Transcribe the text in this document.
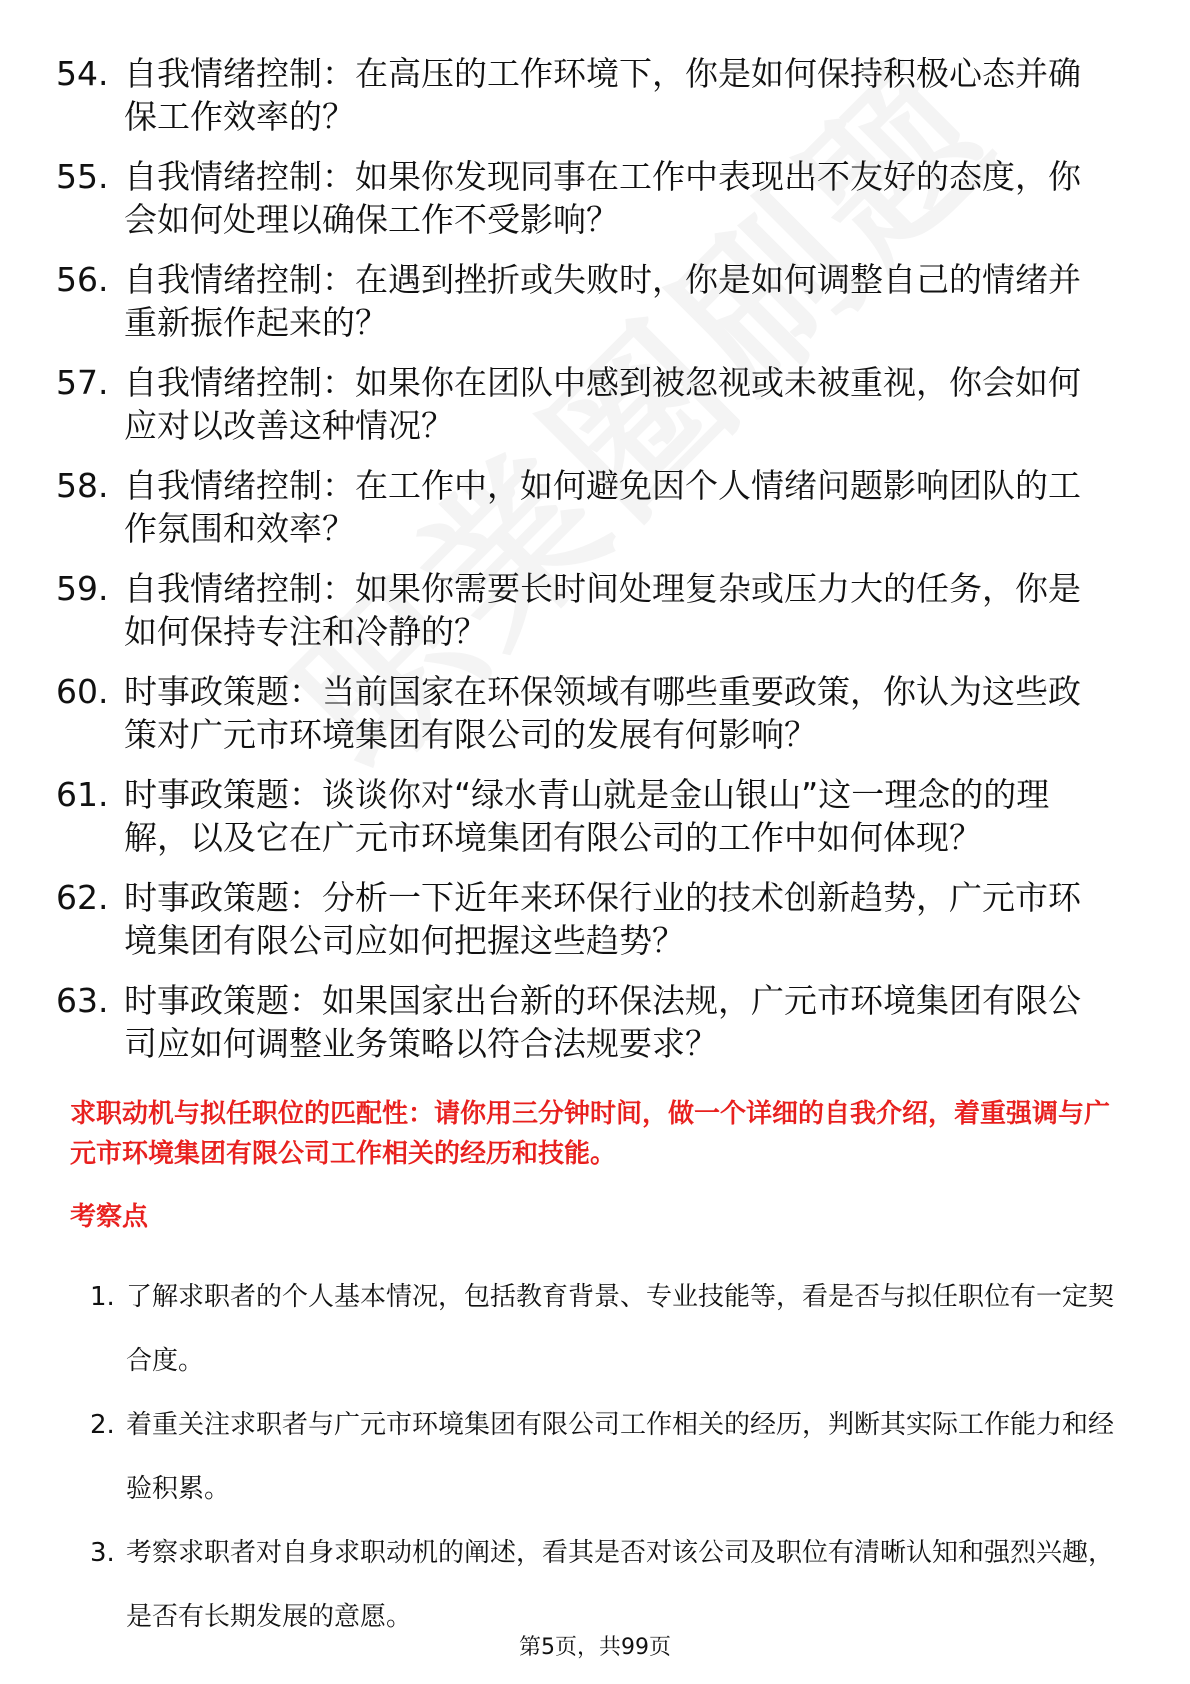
54. 自我情绪控制：在高压的工作环境下，你是如何保持积极心态并确保工作效率的？
55. 自我情绪控制：如果你发现同事在工作中表现出不友好的态度，你会如何处理以确保工作不受影响？
56. 自我情绪控制：在遇到挫折或失败时，你是如何调整自己的情绪并重新振作起来的？
57. 自我情绪控制：如果你在团队中感到被忽视或未被重视，你会如何应对以改善这种情况？
58. 自我情绪控制：在工作中，如何避免因个人情绪问题影响团队的工作氛围和效率？
59. 自我情绪控制：如果你需要长时间处理复杂或压力大的任务，你是如何保持专注和冷静的？
60. 时事政策题：当前国家在环保领域有哪些重要政策，你认为这些政策对广元市环境集团有限公司的发展有何影响？
61. 时事政策题：谈谈你对“绿水青山就是金山银山”这一理念的的理解，以及它在广元市环境集团有限公司的工作中如何体现？
62. 时事政策题：分析一下近年来环保行业的技术创新趋势，广元市环境集团有限公司应如何把握这些趋势？
63. 时事政策题：如果国家出台新的环保法规，广元市环境集团有限公司应如何调整业务策略以符合法规要求？
求职动机与拟任职位的匹配性：请你用三分钟时间，做一个详细的自我介绍，着重强调与广元市环境集团有限公司工作相关的经历和技能。
考察点
1. 了解求职者的个人基本情况，包括教育背景、专业技能等，看是否与拟任职位有一定契合度。
2. 着重关注求职者与广元市环境集团有限公司工作相关的经历，判断其实际工作能力和经验积累。
3. 考察求职者对自身求职动机的阐述，看其是否对该公司及职位有清晰认知和强烈兴趣，是否有长期发展的意愿。
第5页，共99页
